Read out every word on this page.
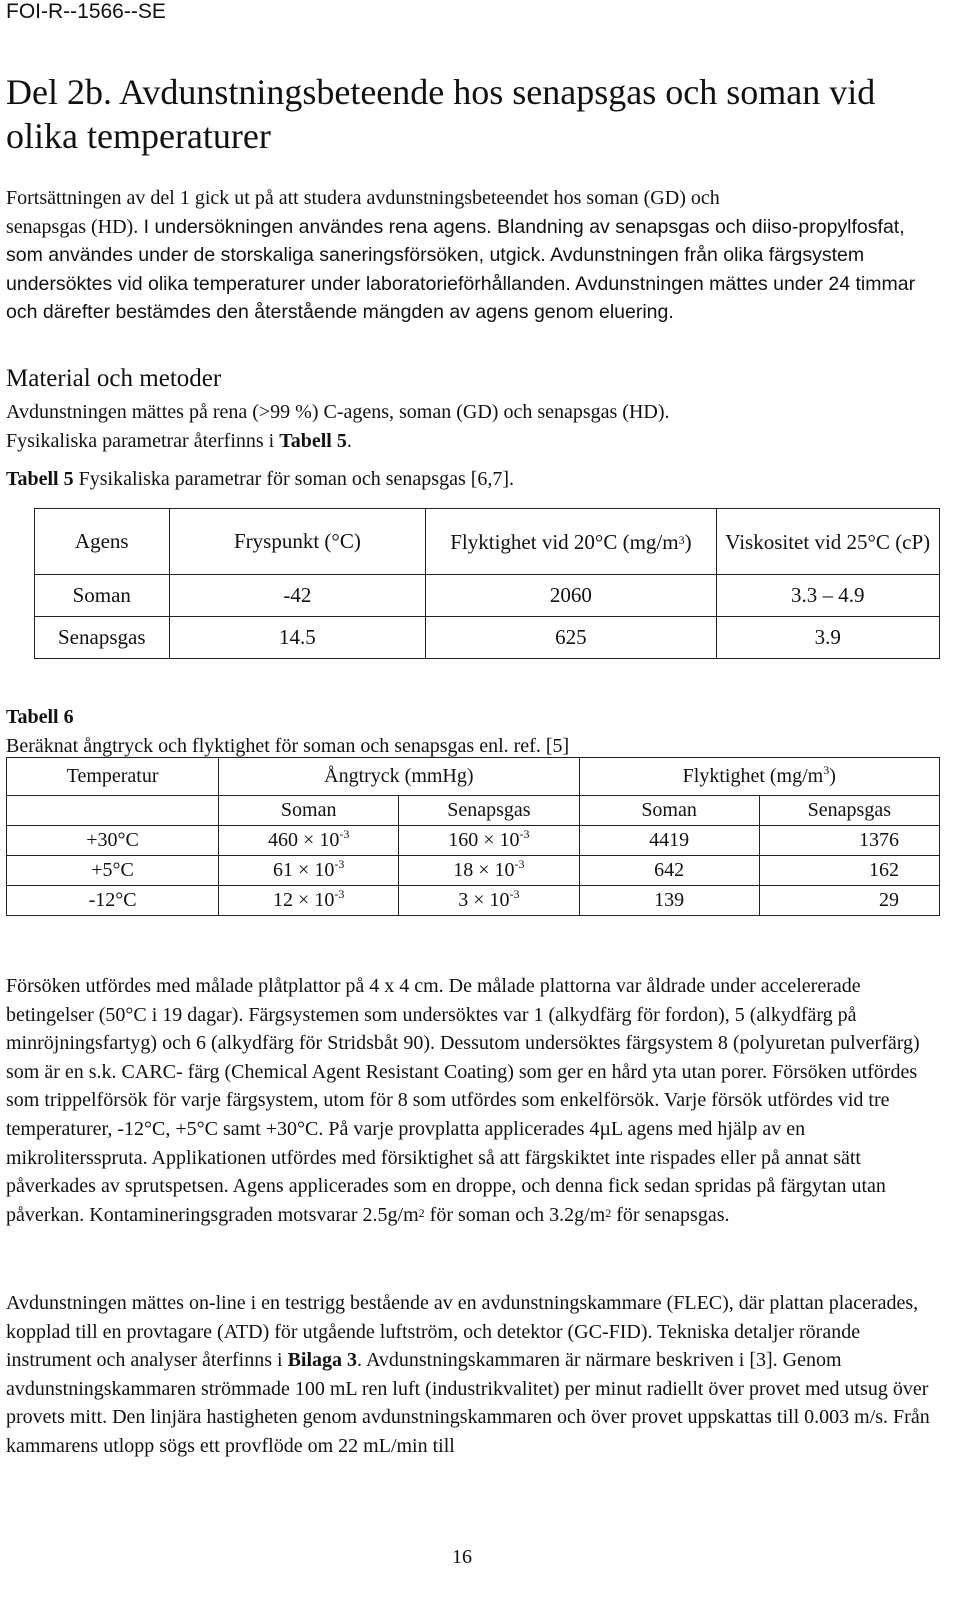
FOI-R--1566--SE
Del 2b. Avdunstningsbeteende hos senapsgas och soman vid olika temperaturer
Fortsättningen av del 1 gick ut på att studera avdunstningsbeteendet hos soman (GD) och
senapsgas (HD). I undersökningen användes rena agens. Blandning av senapsgas och diiso-propylfosfat, som användes under de storskaliga saneringsförsöken, utgick. Avdunstningen från olika färgsystem undersöktes vid olika temperaturer under laboratorieförhållanden. Avdunstningen mättes under 24 timmar och därefter bestämdes den återstående mängden av agens genom eluering.
Material och metoder
Avdunstningen mättes på rena (>99 %) C-agens, soman (GD) och senapsgas (HD).
Fysikaliska parametrar återfinns i Tabell 5.
Tabell 5 Fysikaliska parametrar för soman och senapsgas [6,7].
Agens	Fryspunkt (°C)	Flyktighet vid 20°C $(mg/m^3)$	Viskositet vid 25°C (cP)
Soman	-42	2060	3.3 – 4.9
Senapsgas	14.5	625	3.9
Tabell 6
Beräknat ångtryck och flyktighet för soman och senapsgas enl. ref. [5]
Temperatur	Ångtryck (mmHg)		Flyktighet $(mg/m^3)$	
	Soman	Senapsgas	Soman	Senapsgas
+30°C	$460 \times 10^{-3}$	$160 \times 10^{-3}$	4419	1376
+5°C	$61 \times 10^{-3}$	$18 \times 10^{-3}$	642	162
-12°C	$12 \times 10^{-3}$	$3 \times 10^{-3}$	139	29
Försöken utfördes med målade plåtplattor på 4 x 4 cm. De målade plattorna var åldrade under accelererade betingelser (50°C i 19 dagar). Färgsystemen som undersöktes var 1 (alkydfärg för fordon), 5 (alkydfärg på minröjningsfartyg) och 6 (alkydfärg för Stridsbåt 90). Dessutom undersöktes färgsystem 8 (polyuretan pulverfärg) som är en s.k. CARC- färg (Chemical Agent Resistant Coating) som ger en hård yta utan porer. Försöken utfördes som trippelförsök för varje färgsystem, utom för 8 som utfördes som enkelförsök. Varje försök utfördes vid tre temperaturer, -12°C, +5°C samt +30°C. På varje provplatta applicerades 4µL agens med hjälp av en mikrolitersspruta. Applikationen utfördes med försiktighet så att färgskiktet inte rispades eller på annat sätt påverkades av sprutspetsen. Agens applicerades som en droppe, och denna fick sedan spridas på färgytan utan påverkan. Kontamineringsgraden motsvarar $2.5g/m^2$ för soman och $3.2g/m^2$ för senapsgas.
Avdunstningen mättes on-line i en testrigg bestående av en avdunstningskammare (FLEC), där plattan placerades, kopplad till en provtagare (ATD) för utgående luftström, och detektor (GC-FID). Tekniska detaljer rörande instrument och analyser återfinns i Bilaga 3. Avdunstningskammaren är närmare beskriven i [3]. Genom avdunstningskammaren strömmade 100 mL ren luft (industrikvalitet) per minut radiellt över provet med utsug över provets mitt. Den linjära hastigheten genom avdunstningskammaren och över provet uppskattas till 0.003 m/s. Från kammarens utlopp sögs ett provflöde om 22 mL/min till
16
